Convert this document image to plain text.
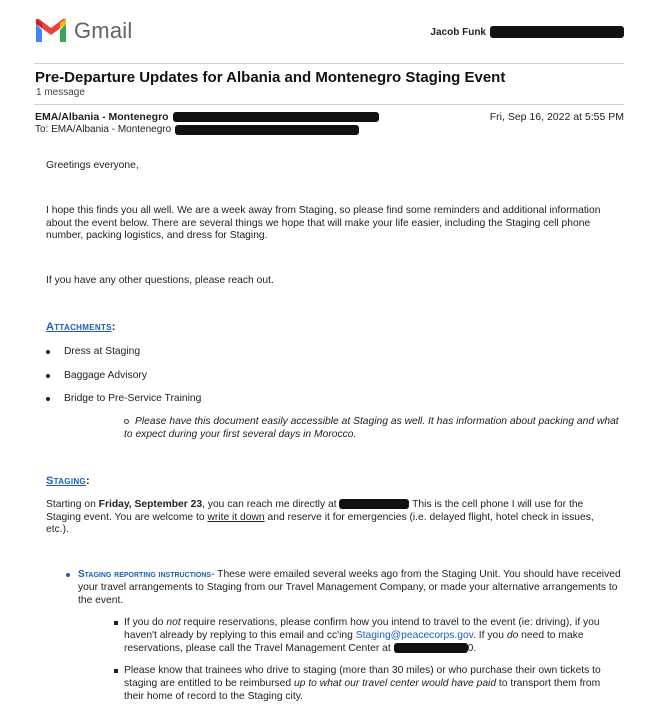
Gmail	Jacob Funk
Pre-Departure Updates for Albania and Montenegro Staging Event
1 message
EMA/Albania - Montenegro	Fri, Sep 16, 2022 at 5:55 PM
To: EMA/Albania - Montenegro
Greetings everyone,
I hope this finds you all well. We are a week away from Staging, so please find some reminders and additional information about the event below. There are several things we hope that will make your life easier, including the Staging cell phone number, packing logistics, and dress for Staging.
If you have any other questions, please reach out.
Attachments:
Dress at Staging
Baggage Advisory
Bridge to Pre-Service Training
Please have this document easily accessible at Staging as well. It has information about packing and what to expect during your first several days in Morocco.
Staging:
Starting on Friday, September 23, you can reach me directly at	This is the cell phone I will use for the Staging event. You are welcome to write it down and reserve it for emergencies (i.e. delayed flight, hotel check in issues, etc.).
Staging reporting instructions- These were emailed several weeks ago from the Staging Unit. You should have received your travel arrangements to Staging from our Travel Management Company, or made your alternative arrangements to the event.
If you do not require reservations, please confirm how you intend to travel to the event (ie: driving), if you haven't already by replying to this email and cc'ing Staging@peacecorps.gov. If you do need to make reservations, please call the Travel Management Center at	0.
Please know that trainees who drive to staging (more than 30 miles) or who purchase their own tickets to staging are entitled to be reimbursed up to what our travel center would have paid to transport them from their home of record to the Staging city.
